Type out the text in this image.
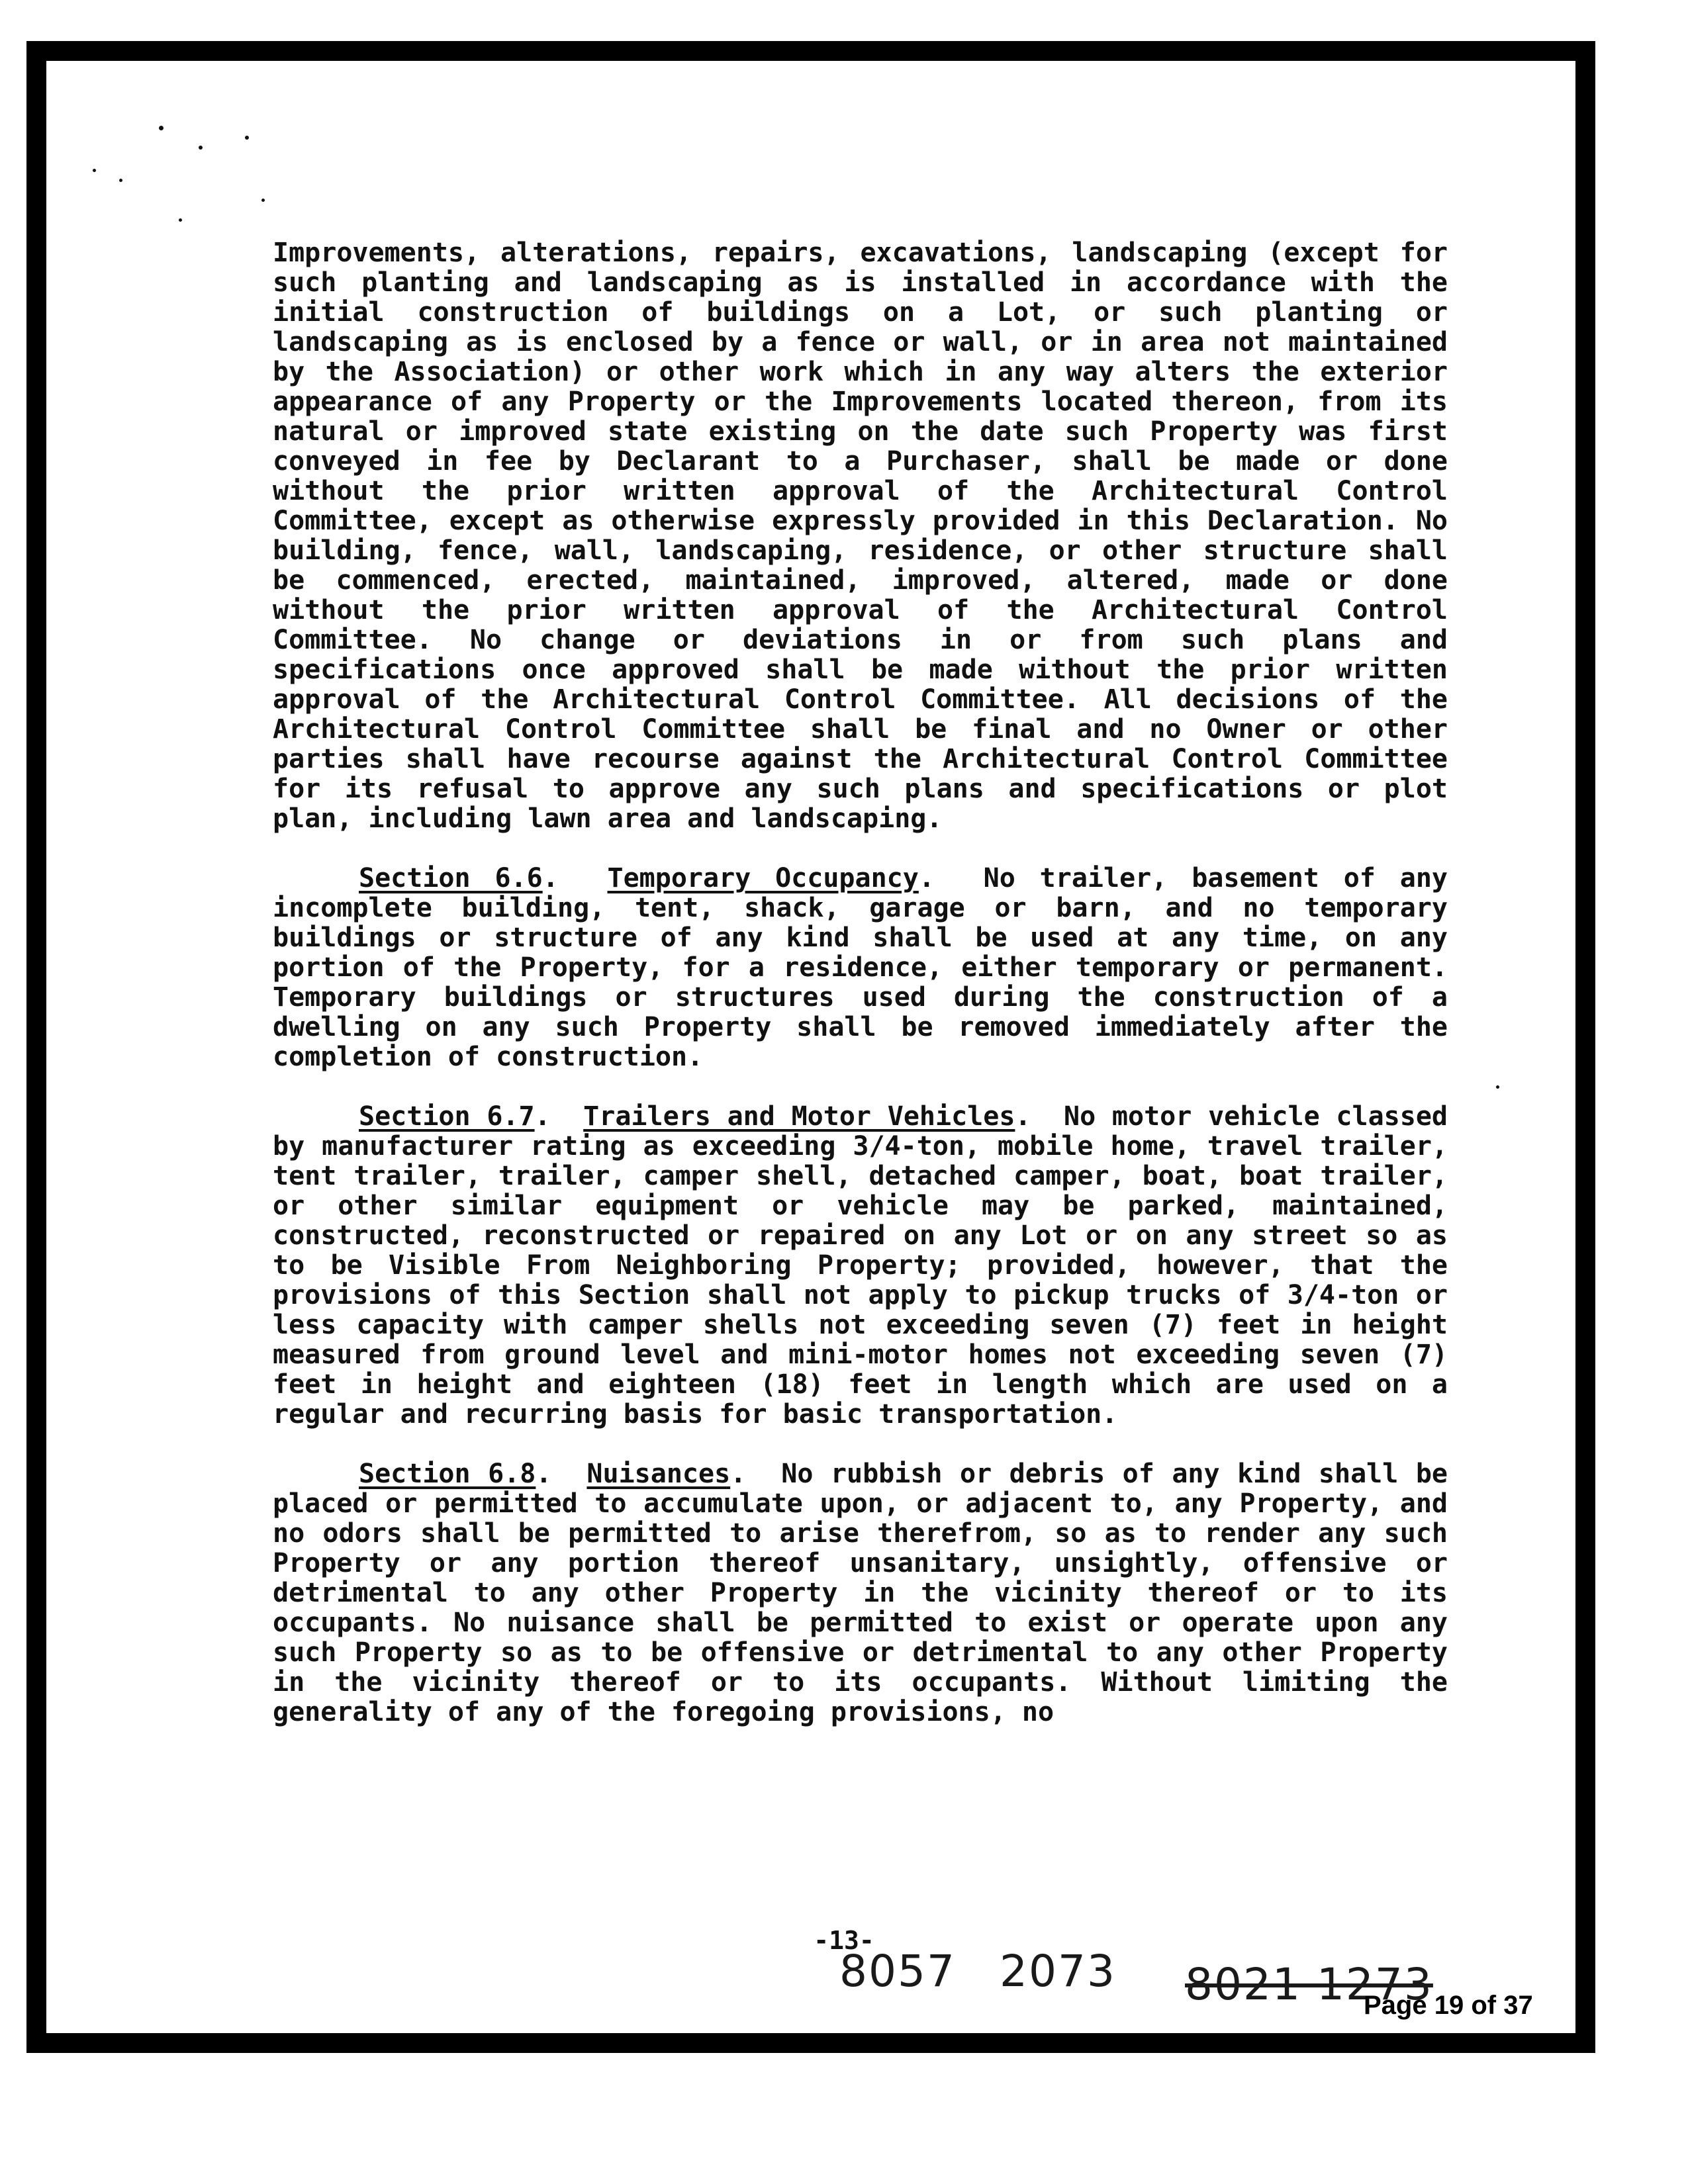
Improvements, alterations, repairs, excavations, landscaping (except for such planting and landscaping as is installed in accordance with the initial construction of buildings on a Lot, or such planting or landscaping as is enclosed by a fence or wall, or in area not maintained by the Association) or other work which in any way alters the exterior appearance of any Property or the Improvements located thereon, from its natural or improved state existing on the date such Property was first conveyed in fee by Declarant to a Purchaser, shall be made or done without the prior written approval of the Architectural Control Committee, except as otherwise expressly provided in this Declaration. No building, fence, wall, landscaping, residence, or other structure shall be commenced, erected, maintained, improved, altered, made or done without the prior written approval of the Architectural Control Committee. No change or deviations in or from such plans and specifications once approved shall be made without the prior written approval of the Architectural Control Committee. All decisions of the Architectural Control Committee shall be final and no Owner or other parties shall have recourse against the Architectural Control Committee for its refusal to approve any such plans and specifications or plot plan, including lawn area and landscaping.

Section 6.6.  Temporary Occupancy.  No trailer, basement of any incomplete building, tent, shack, garage or barn, and no temporary buildings or structure of any kind shall be used at any time, on any portion of the Property, for a residence, either temporary or permanent. Temporary buildings or structures used during the construction of a dwelling on any such Property shall be removed immediately after the completion of construction.

Section 6.7.  Trailers and Motor Vehicles.  No motor vehicle classed by manufacturer rating as exceeding 3/4-ton, mobile home, travel trailer, tent trailer, trailer, camper shell, detached camper, boat, boat trailer, or other similar equipment or vehicle may be parked, maintained, constructed, reconstructed or repaired on any Lot or on any street so as to be Visible From Neighboring Property; provided, however, that the provisions of this Section shall not apply to pickup trucks of 3/4-ton or less capacity with camper shells not exceeding seven (7) feet in height measured from ground level and mini-motor homes not exceeding seven (7) feet in height and eighteen (18) feet in length which are used on a regular and recurring basis for basic transportation.

Section 6.8.  Nuisances.  No rubbish or debris of any kind shall be placed or permitted to accumulate upon, or adjacent to, any Property, and no odors shall be permitted to arise therefrom, so as to render any such Property or any portion thereof unsanitary, unsightly, offensive or detrimental to any other Property in the vicinity thereof or to its occupants. No nuisance shall be permitted to exist or operate upon any such Property so as to be offensive or detrimental to any other Property in the vicinity thereof or to its occupants. Without limiting the generality of any of the foregoing provisions, no

-13-
8057 2073 8021 1273
Page 19 of 37
